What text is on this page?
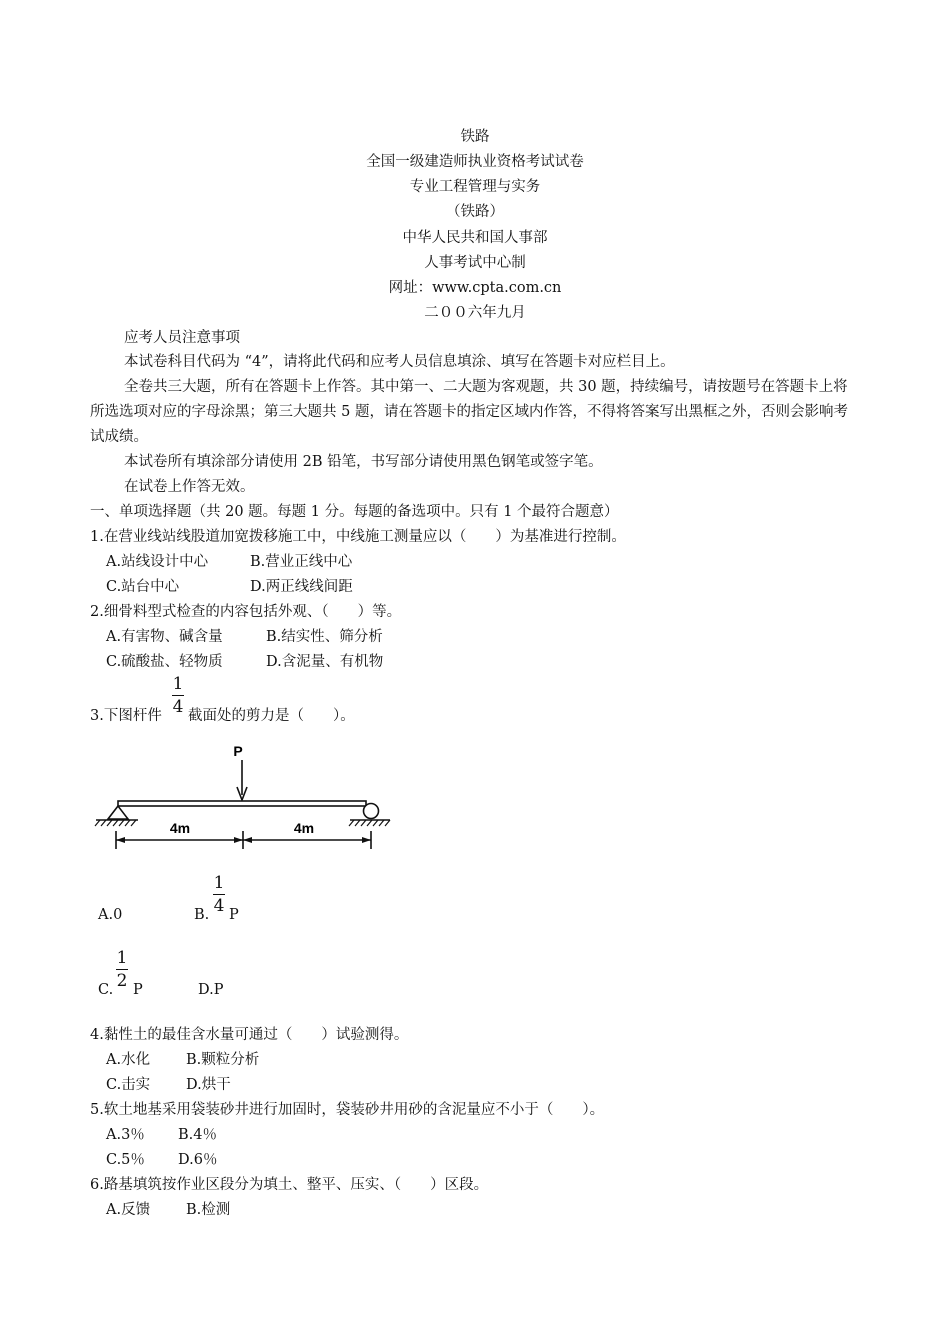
铁路
全国一级建造师执业资格考试试卷
专业工程管理与实务
（铁路）
中华人民共和国人事部
人事考试中心制
网址：www.cpta.com.cn
二００六年九月
应考人员注意事项
本试卷科目代码为 “4”，请将此代码和应考人员信息填涂、填写在答题卡对应栏目上。
全卷共三大题，所有在答题卡上作答。其中第一、二大题为客观题，共 30 题，持续编号，请按题号在答题卡上将所选选项对应的字母涂黑；第三大题共 5 题，请在答题卡的指定区域内作答，不得将答案写出黑框之外，否则会影响考试成绩。
本试卷所有填涂部分请使用 2B 铅笔，书写部分请使用黑色钢笔或签字笔。
在试卷上作答无效。
一、单项选择题（共 20 题。每题 1 分。每题的备选项中。只有 1 个最符合题意）
1.在营业线站线股道加宽拨移施工中，中线施工测量应以（　　）为基准进行控制。
A.站线设计中心	B.营业正线中心
C.站台中心	D.两正线线间距
2.细骨料型式检查的内容包括外观、（　　）等。
A.有害物、碱含量	B.结实性、筛分析
C.硫酸盐、轻物质	D.含泥量、有机物
3.下图杆件
1
4 截面处的剪力是（　　）。
P
4m	4m
A.0	B.
1
4 P
C.
1
2 P	D.P
4.黏性土的最佳含水量可通过（　　）试验测得。
A.水化 B.颗粒分析
C.击实 D.烘干
5.软土地基采用袋装砂井进行加固时，袋装砂井用砂的含泥量应不小于（　　）。
A.3％ B.4％
C.5％ D.6％
6.路基填筑按作业区段分为填土、整平、压实、（　　）区段。
A.反馈 B.检测
